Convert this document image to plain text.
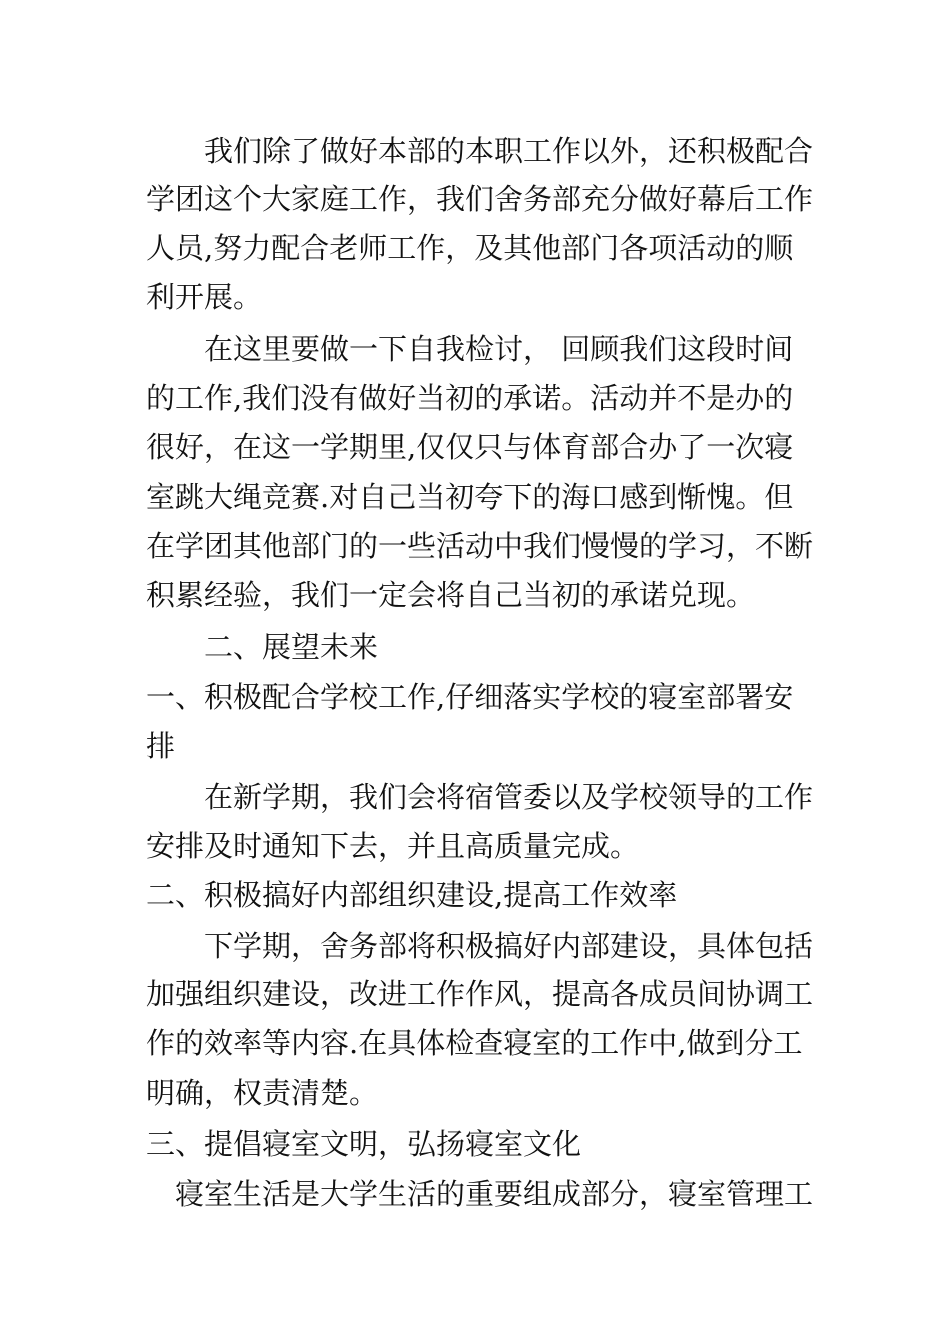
我们除了做好本部的本职工作以外，还积极配合
学团这个大家庭工作，我们舍务部充分做好幕后工作
人员,努力配合老师工作，及其他部门各项活动的顺
利开展。
在这里要做一下自我检讨， 回顾我们这段时间
的工作,我们没有做好当初的承诺。活动并不是办的
很好，在这一学期里,仅仅只与体育部合办了一次寝
室跳大绳竞赛.对自己当初夸下的海口感到惭愧。但
在学团其他部门的一些活动中我们慢慢的学习，不断
积累经验，我们一定会将自己当初的承诺兑现。
二、展望未来
一、积极配合学校工作,仔细落实学校的寝室部署安
排
在新学期，我们会将宿管委以及学校领导的工作
安排及时通知下去，并且高质量完成。
二、积极搞好内部组织建设,提高工作效率
下学期，舍务部将积极搞好内部建设，具体包括
加强组织建设，改进工作作风，提高各成员间协调工
作的效率等内容.在具体检查寝室的工作中,做到分工
明确，权责清楚。
三、提倡寝室文明，弘扬寝室文化
寝室生活是大学生活的重要组成部分，寝室管理工
